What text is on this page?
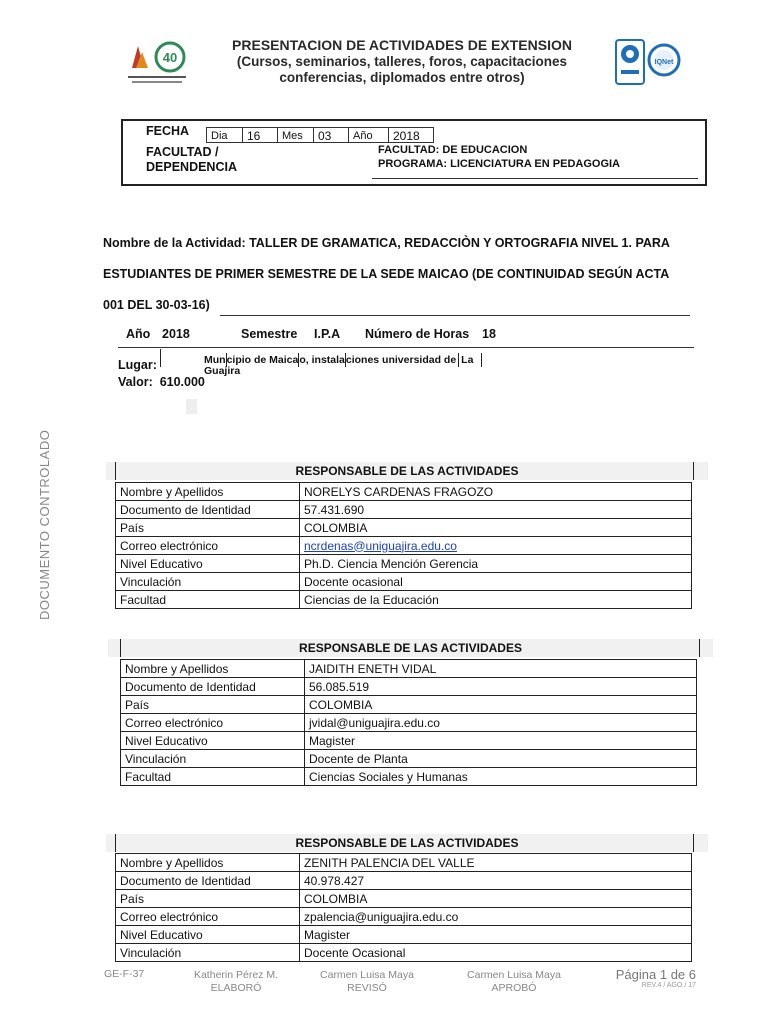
40
PRESENTACION DE ACTIVIDADES DE EXTENSION
(Cursos, seminarios, talleres, foros, capacitaciones
conferencias, diplomados entre otros)
IQNet
FECHA	Dia	16	Mes	03	Año	2018
FACULTAD /
DEPENDENCIA
FACULTAD: DE EDUCACION
PROGRAMA: LICENCIATURA EN PEDAGOGIA
Nombre de la Actividad: TALLER DE GRAMATICA, REDACCIÒN Y ORTOGRAFIA NIVEL 1. PARA
ESTUDIANTES DE PRIMER SEMESTRE DE LA SEDE MAICAO (DE CONTINUIDAD SEGÚN ACTA
001 DEL 30-03-16)
Año 2018	Semestre I.P.A Número de Horas 18
Lugar:	Muncipio de Maicao, instalaciones universidad de La
Guajira
Valor: 610.000
DOCUMENTO CONTROLADO	RESPONSABLE DE LAS ACTIVIDADES
Nombre y Apellidos	NORELYS CARDENAS FRAGOZO
Documento de Identidad	57.431.690
País	COLOMBIA
Correo electrónico	ncrdenas@uniguajira.edu.co
Nivel Educativo	Ph.D. Ciencia Mención Gerencia
Vinculación	Docente ocasional
Facultad	Ciencias de la Educación
RESPONSABLE DE LAS ACTIVIDADES
Nombre y Apellidos	JAIDITH ENETH VIDAL
Documento de Identidad	56.085.519
País	COLOMBIA
Correo electrónico	jvidal@uniguajira.edu.co
Nivel Educativo	Magister
Vinculación	Docente de Planta
Facultad	Ciencias Sociales y Humanas
RESPONSABLE DE LAS ACTIVIDADES
Nombre y Apellidos	ZENITH PALENCIA DEL VALLE
Documento de Identidad	40.978.427
País	COLOMBIA
Correo electrónico	zpalencia@uniguajira.edu.co
Nivel Educativo	Magister
Vinculación	Docente Ocasional
GE-F-37	Katherin Pérez M.
ELABORÓ
Carmen Luisa Maya
REVISÓ
Carmen Luisa Maya
APROBÓ
Página 1 de 6
REV.4 / AGO / 17
